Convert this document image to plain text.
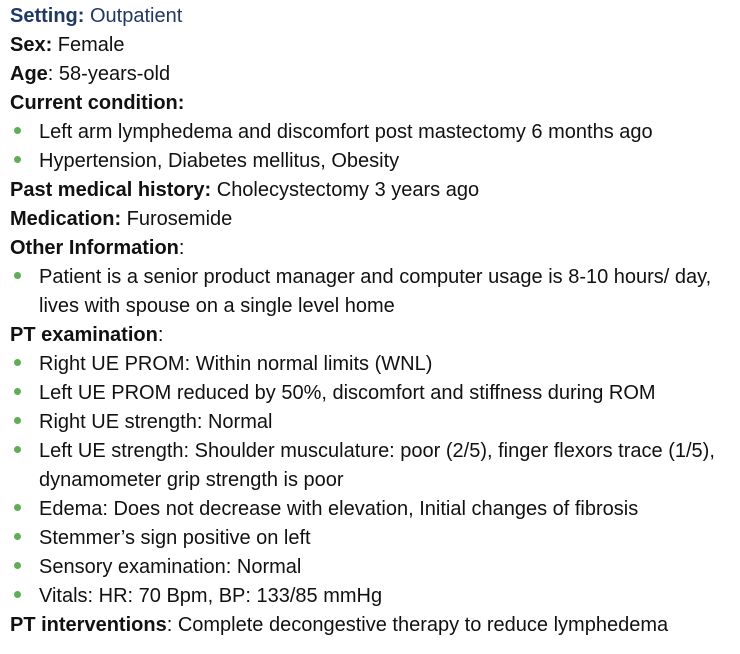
Setting: Outpatient
Sex: Female
Age: 58-years-old
Current condition:
Left arm lymphedema and discomfort post mastectomy 6 months ago
Hypertension, Diabetes mellitus, Obesity
Past medical history: Cholecystectomy 3 years ago
Medication: Furosemide
Other Information:
Patient is a senior product manager and computer usage is 8-10 hours/ day, lives with spouse on a single level home
PT examination:
Right UE PROM: Within normal limits (WNL)
Left UE PROM reduced by 50%, discomfort and stiffness during ROM
Right UE strength: Normal
Left UE strength: Shoulder musculature: poor (2/5), finger flexors trace (1/5), dynamometer grip strength is poor
Edema: Does not decrease with elevation, Initial changes of fibrosis
Stemmer’s sign positive on left
Sensory examination: Normal
Vitals: HR: 70 Bpm, BP: 133/85 mmHg
PT interventions: Complete decongestive therapy to reduce lymphedema
